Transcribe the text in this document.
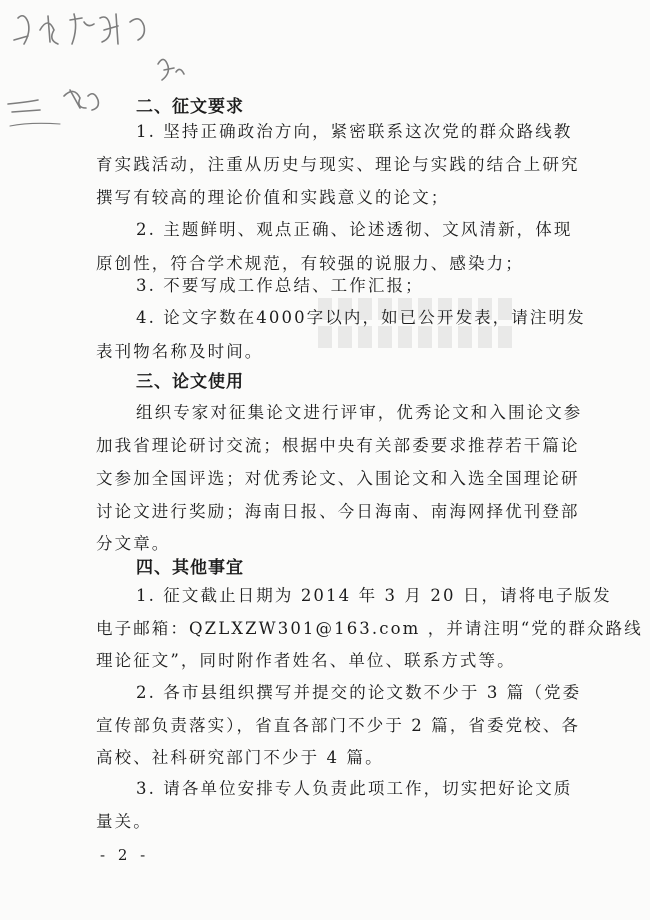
二、征文要求
1. 坚持正确政治方向，紧密联系这次党的群众路线教
育实践活动，注重从历史与现实、理论与实践的结合上研究
撰写有较高的理论价值和实践意义的论文；
2. 主题鲜明、观点正确、论述透彻、文风清新，体现
原创性，符合学术规范，有较强的说服力、感染力；
3. 不要写成工作总结、工作汇报；
4. 论文字数在4000字以内，如已公开发表，请注明发
表刊物名称及时间。
三、论文使用
组织专家对征集论文进行评审，优秀论文和入围论文参
加我省理论研讨交流；根据中央有关部委要求推荐若干篇论
文参加全国评选；对优秀论文、入围论文和入选全国理论研
讨论文进行奖励；海南日报、今日海南、南海网择优刊登部
分文章。
四、其他事宜
1. 征文截止日期为 2014 年 3 月 20 日，请将电子版发
电子邮箱：QZLXZW301@163.com ，并请注明“党的群众路线
理论征文”，同时附作者姓名、单位、联系方式等。
2. 各市县组织撰写并提交的论文数不少于 3 篇（党委
宣传部负责落实），省直各部门不少于 2 篇，省委党校、各
高校、社科研究部门不少于 4 篇。
3. 请各单位安排专人负责此项工作，切实把好论文质
量关。
- 2 -
